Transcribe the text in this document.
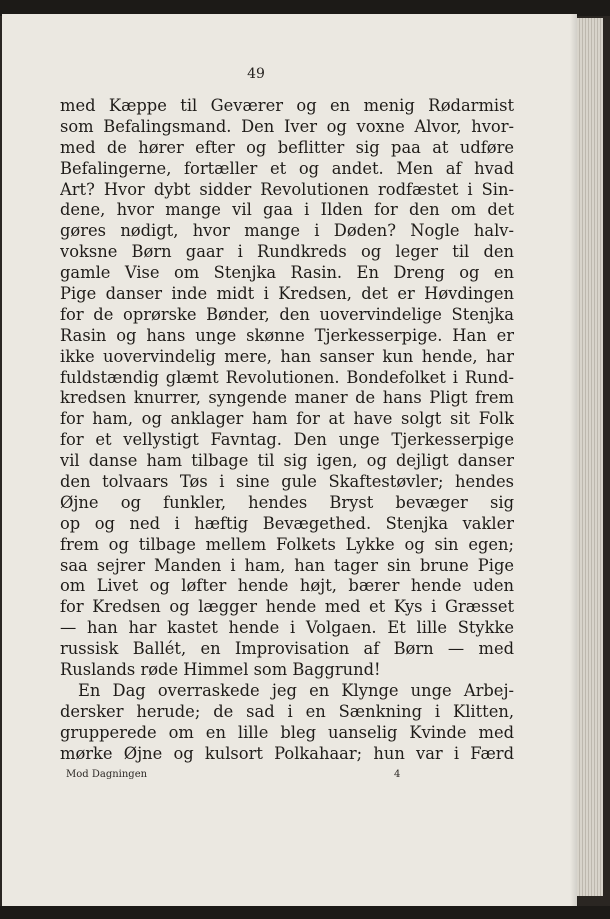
49
med Kæppe til Geværer og en menig Rødarmist
som Befalingsmand. Den Iver og voxne Alvor, hvor-
med de hører efter og beflitter sig paa at udføre
Befalingerne, fortæller et og andet. Men af hvad
Art? Hvor dybt sidder Revolutionen rodfæstet i Sin-
dene, hvor mange vil gaa i Ilden for den om det
gøres nødigt, hvor mange i Døden? Nogle halv-
voksne Børn gaar i Rundkreds og leger til den
gamle Vise om Stenjka Rasin. En Dreng og en
Pige danser inde midt i Kredsen, det er Høvdingen
for de oprørske Bønder, den uovervindelige Stenjka
Rasin og hans unge skønne Tjerkesserpige. Han er
ikke uovervindelig mere, han sanser kun hende, har
fuldstændig glæmt Revolutionen. Bondefolket i Rund-
kredsen knurrer, syngende maner de hans Pligt frem
for ham, og anklager ham for at have solgt sit Folk
for et vellystigt Favntag. Den unge Tjerkesserpige
vil danse ham tilbage til sig igen, og dejligt danser
den tolvaars Tøs i sine gule Skaftestøvler; hendes
Øjne og funkler, hendes Bryst bevæger sig
op og ned i hæftig Bevægethed. Stenjka vakler
frem og tilbage mellem Folkets Lykke og sin egen;
saa sejrer Manden i ham, han tager sin brune Pige
om Livet og løfter hende højt, bærer hende uden
for Kredsen og lægger hende med et Kys i Græsset
— han har kastet hende i Volgaen. Et lille Stykke
russisk Ballét, en Improvisation af Børn — med
Ruslands røde Himmel som Baggrund!
En Dag overraskede jeg en Klynge unge Arbej-
dersker herude; de sad i en Sænkning i Klitten,
grupperede om en lille bleg uanselig Kvinde med
mørke Øjne og kulsort Polkahaar; hun var i Færd
Mod Dagningen	4
